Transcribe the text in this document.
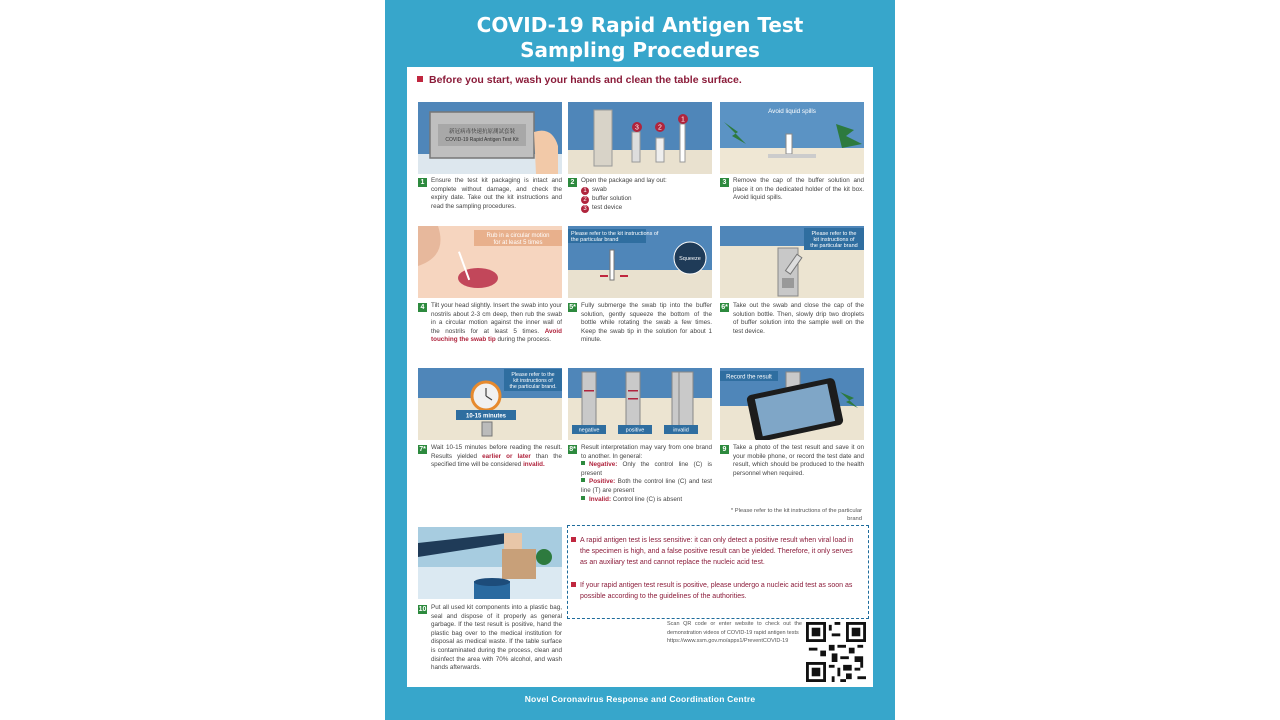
COVID-19 Rapid Antigen Test
Sampling Procedures
Before you start, wash your hands and clean the table surface.
新冠病毒快速抗原測試套裝
COVID-19 Rapid Antigen Test Kit
1	Ensure the test kit packaging is intact and complete without damage, and check the expiry date. Take out the kit instructions and read the sampling procedures.
3	2
1
2	Open the package and lay out:
1 swab
2 buffer solution
3 test device
Avoid liquid spills
3	Remove the cap of the buffer solution and place it on the dedicated holder of the kit box. Avoid liquid spills.
Rub in a circular motion
for at least 5 times
4	Tilt your head slightly. Insert the swab into your nostrils about 2-3 cm deep, then rub the swab in a circular motion against the inner wall of the nostrils for at least 5 times. Avoid touching the swab tip during the process.
Please refer to the kit instructions of
the particular brand
Squeeze
5* Fully submerge the swab tip into the buffer solution, gently squeeze the bottom of the bottle while rotating the swab a few times. Keep the swab tip in the solution for about 1 minute.
Please refer to the
kit instructions of
the particular brand
6* Take out the swab and close the cap of the solution bottle. Then, slowly drip two droplets of buffer solution into the sample well on the test device.
10-15 minutes
Please refer to the
kit instructions of
the particular brand.
7* Wait 10-15 minutes before reading the result. Results yielded earlier or later than the specified time will be considered invalid.
negative	positive	invalid
8* Result interpretation may vary from one brand to another. In general:
Negative: Only the control line (C) is present
Positive: Both the control line (C) and test line (T) are present
Invalid: Control line (C) is absent
Record the result
9	Take a photo of the test result and save it on your mobile phone, or record the test date and result, which should be produced to the health personnel when required.
* Please refer to the kit instructions of the particular brand
10 Put all used kit components into a plastic bag, seal and dispose of it properly as general garbage. If the test result is positive, hand the plastic bag over to the medical institution for disposal as medical waste. If the table surface is contaminated during the process, clean and disinfect the area with 70% alcohol, and wash hands afterwards.

A rapid antigen test is less sensitive: it can only detect a positive result when viral load in the specimen is high, and a false positive result can be yielded. Therefore, it only serves as an auxiliary test and cannot replace the nucleic acid test.

If your rapid antigen test result is positive, please undergo a nucleic acid test as soon as possible according to the guidelines of the authorities.

Scan QR code or enter website to check out the demonstration videos of COVID-19 rapid antigen tests
https://www.ssm.gov.mo/apps1/PreventCOVID-19
Novel Coronavirus Response and Coordination Centre
